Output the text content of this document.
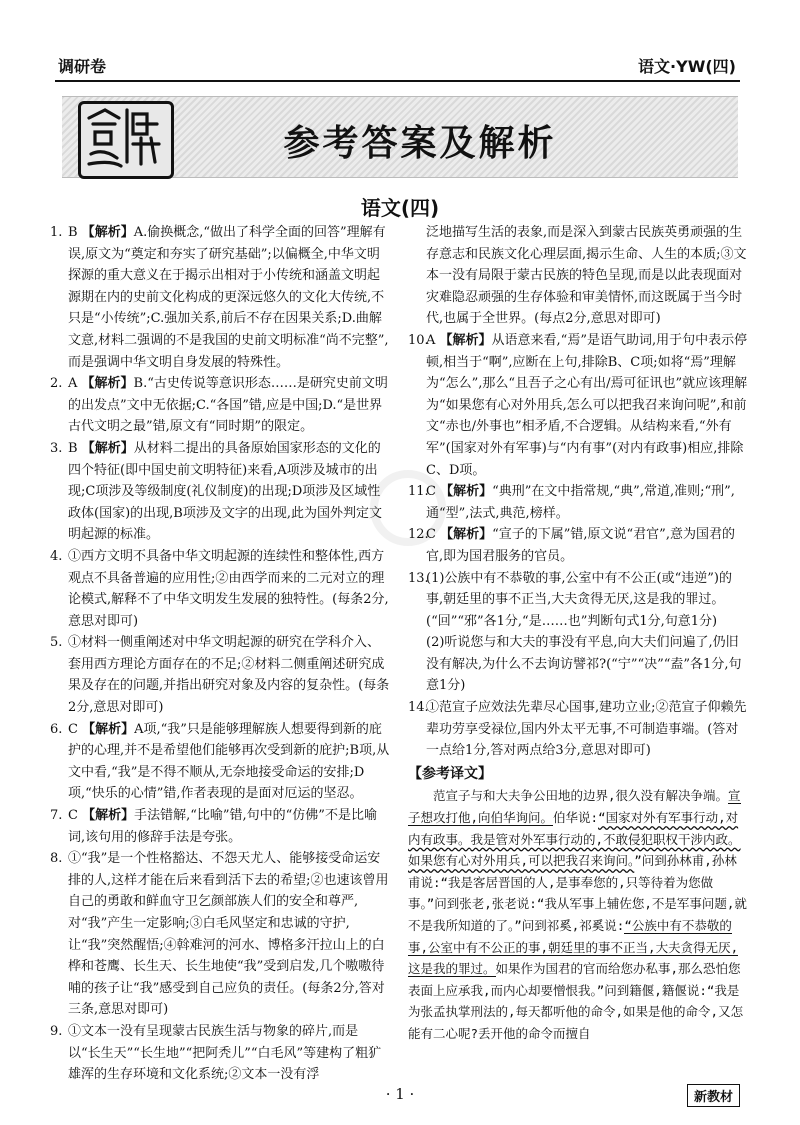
调研卷	语文·YW(四)
参考答案及解析
语文(四)
1. B 【解析】A.偷换概念,“做出了科学全面的回答”理解有误,原文为“奠定和夯实了研究基础”;以偏概全,中华文明探源的重大意义在于揭示出相对于小传统和涵盖文明起源期在内的史前文化构成的更深远悠久的文化大传统,不只是“小传统”;C.强加关系,前后不存在因果关系;D.曲解文意,材料二强调的不是我国的史前文明标准“尚不完整”,而是强调中华文明自身发展的特殊性。
2. A 【解析】B.“古史传说等意识形态……是研究史前文明的出发点”文中无依据;C.“各国”错,应是中国;D.“是世界古代文明之最”错,原文有“同时期”的限定。
3. B 【解析】从材料二提出的具备原始国家形态的文化的四个特征(即中国史前文明特征)来看,A项涉及城市的出现;C项涉及等级制度(礼仪制度)的出现;D项涉及区域性政体(国家)的出现,B项涉及文字的出现,此为国外判定文明起源的标准。
4. ①西方文明不具备中华文明起源的连续性和整体性,西方观点不具备普遍的应用性;②由西学而来的二元对立的理论模式,解释不了中华文明发生发展的独特性。(每条2分,意思对即可)
5. ①材料一侧重阐述对中华文明起源的研究在学科介入、套用西方理论方面存在的不足;②材料二侧重阐述研究成果及存在的问题,并指出研究对象及内容的复杂性。(每条2分,意思对即可)
6. C 【解析】A项,“我”只是能够理解族人想要得到新的庇护的心理,并不是希望他们能够再次受到新的庇护;B项,从文中看,“我”是不得不顺从,无奈地接受命运的安排;D项,“快乐的心情”错,作者表现的是面对厄运的坚忍。
7. C 【解析】手法错解,“比喻”错,句中的“仿佛”不是比喻词,该句用的修辞手法是夸张。
8. ①“我”是一个性格豁达、不怨天尤人、能够接受命运安排的人,这样才能在后来看到活下去的希望;②也速该曾用自己的勇敢和鲜血守卫乞颜部族人们的安全和尊严,对“我”产生一定影响;③白毛风坚定和忠诚的守护,让“我”突然醒悟;④斡难河的河水、博格多汗拉山上的白桦和苍鹰、长生天、长生地使“我”受到启发,几个嗷嗷待哺的孩子让“我”感受到自己应负的责任。(每条2分,答对三条,意思对即可)
9. ①文本一没有呈现蒙古民族生活与物象的碎片,而是以“长生天”“长生地”“把阿秃儿”“白毛风”等建构了粗犷雄浑的生存环境和文化系统;②文本一没有浮
泛地描写生活的表象,而是深入到蒙古民族英勇顽强的生存意志和民族文化心理层面,揭示生命、人生的本质;③文本一没有局限于蒙古民族的特色呈现,而是以此表现面对灾难隐忍顽强的生存体验和审美情怀,而这既属于当今时代,也属于全世界。(每点2分,意思对即可)
10.
A 【解析】从语意来看,“焉”是语气助词,用于句中表示停顿,相当于“啊”,应断在上句,排除B、C项;如将“焉”理解为“怎么”,那么“且吾子之心有出/焉可征讯也”就应该理解为“如果您有心对外用兵,怎么可以把我召来询问呢”,和前文“赤也/外事也”相矛盾,不合逻辑。从结构来看,“外有军”(国家对外有军事)与“内有事”(对内有政事)相应,排除C、D项。
11.
C 【解析】“典刑”在文中指常规,“典”,常道,准则;“刑”,通“型”,法式,典范,榜样。
12.
C 【解析】“宣子的下属”错,原文说“君官”,意为国君的官,即为国君服务的官员。
13.
(1)公族中有不恭敬的事,公室中有不公正(或“违逆”)的事,朝廷里的事不正当,大夫贪得无厌,这是我的罪过。(“回”“邪”各1分,“是……也”判断句式1分,句意1分)
(2)听说您与和大夫的事没有平息,向大夫们问遍了,仍旧没有解决,为什么不去询访譬祁?(“宁”“决”“盍”各1分,句意1分)
14.
①范宣子应效法先辈尽心国事,建功立业;②范宣子仰赖先辈功劳享受禄位,国内外太平无事,不可制造事端。(答对一点给1分,答对两点给3分,意思对即可)
【参考译文】
范宣子与和大夫争公田地的边界,很久没有解决争端。宣子想攻打他,向伯华询问。伯华说:“国家对外有军事行动,对内有政事。我是管对外军事行动的,不敢侵犯职权干涉内政。如果您有心对外用兵,可以把我召来询问。”问到孙林甫,孙林甫说:“我是客居晋国的人,是事奉您的,只等待着为您做事。”问到张老,张老说:“我从军事上辅佐您,不是军事问题,就不是我所知道的了。”问到祁奚,祁奚说:“公族中有不恭敬的事,公室中有不公正的事,朝廷里的事不正当,大夫贪得无厌,这是我的罪过。如果作为国君的官而给您办私事,那么恐怕您表面上应承我,而内心却要憎恨我。”问到籍偃,籍偃说:“我是为张孟执掌刑法的,每天都听他的命令,如果是他的命令,又怎能有二心呢?丢开他的命令而擅自
· 1 ·	新教材
